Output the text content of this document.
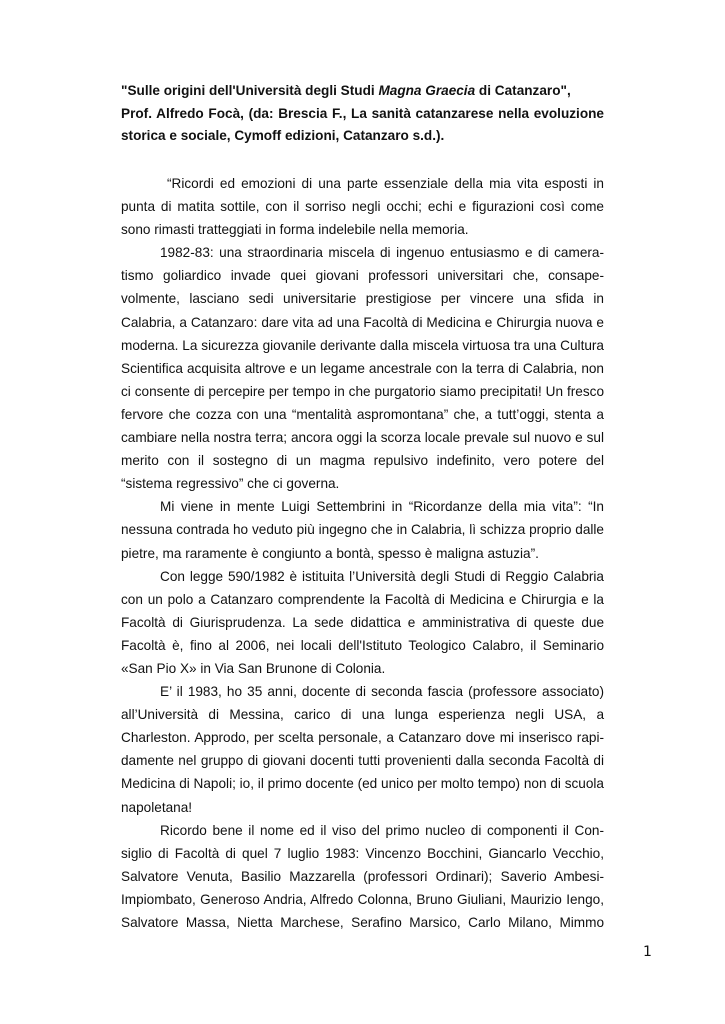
"Sulle origini dell'Università degli Studi Magna Graecia di Catanzaro",

Prof. Alfredo Focà, (da: Brescia F., La sanità catanzarese nella evoluzione storica e sociale, Cymoff edizioni, Catanzaro s.d.).

“Ricordi ed emozioni di una parte essenziale della mia vita esposti in punta di matita sottile, con il sorriso negli occhi; echi e figurazioni così come sono rimasti tratteggiati in forma indelebile nella memoria.

1982-83: una straordinaria miscela di ingenuo entusiasmo e di cameratismo goliardico invade quei giovani professori universitari che, consapevolmente, lasciano sedi universitarie prestigiose per vincere una sfida in Calabria, a Catanzaro: dare vita ad una Facoltà di Medicina e Chirurgia nuova e moderna. La sicurezza giovanile derivante dalla miscela virtuosa tra una Cultura Scientifica acquisita altrove e un legame ancestrale con la terra di Calabria, non ci consente di percepire per tempo in che purgatorio siamo precipitati! Un fresco fervore che cozza con una “mentalità aspromontana” che, a tutt’oggi, stenta a cambiare nella nostra terra; ancora oggi la scorza locale prevale sul nuovo e sul merito con il sostegno di un magma repulsivo indefinito, vero potere del “sistema regressivo” che ci governa.

Mi viene in mente Luigi Settembrini in “Ricordanze della mia vita”: “In nessuna contrada ho veduto più ingegno che in Calabria, lì schizza proprio dalle pietre, ma raramente è congiunto a bontà, spesso è maligna astuzia”.

Con legge 590/1982 è istituita l’Università degli Studi di Reggio Calabria con un polo a Catanzaro comprendente la Facoltà di Medicina e Chirurgia e la Facoltà di Giurisprudenza. La sede didattica e amministrativa di queste due Facoltà è, fino al 2006, nei locali dell'Istituto Teologico Calabro, il Seminario «San Pio X» in Via San Brunone di Colonia.

E’ il 1983, ho 35 anni, docente di seconda fascia (professore associato) all’Università di Messina, carico di una lunga esperienza negli USA, a Charleston. Approdo, per scelta personale, a Catanzaro dove mi inserisco rapidamente nel gruppo di giovani docenti tutti provenienti dalla seconda Facoltà di Medicina di Napoli; io, il primo docente (ed unico per molto tempo) non di scuola napoletana!

Ricordo bene il nome ed il viso del primo nucleo di componenti il Consiglio di Facoltà di quel 7 luglio 1983: Vincenzo Bocchini, Giancarlo Vecchio, Salvatore Venuta, Basilio Mazzarella (professori Ordinari); Saverio Ambesi-Impiombato, Generoso Andria, Alfredo Colonna, Bruno Giuliani, Maurizio Iengo, Salvatore Massa, Nietta Marchese, Serafino Marsico, Carlo Milano, Mimmo

1
